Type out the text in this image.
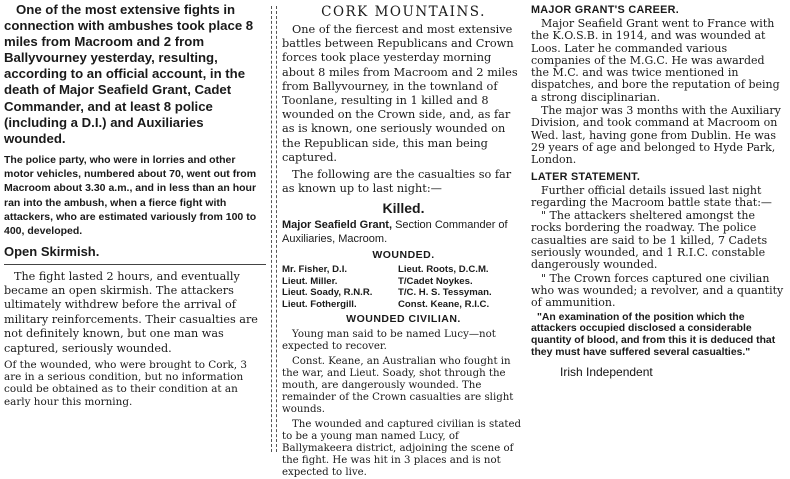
One of the most extensive fights in connection with ambushes took place 8 miles from Macroom and 2 from Ballyvourney yesterday, resulting, according to an official account, in the death of Major Seafield Grant, Cadet Commander, and at least 8 police (including a D.I.) and Auxiliaries wounded.

The police party, who were in lorries and other motor vehicles, numbered about 70, went out from Macroom about 3.30 a.m., and in less than an hour ran into the ambush, when a fierce fight with attackers, who are estimated variously from 100 to 400, developed.

Open Skirmish.

The fight lasted 2 hours, and eventually became an open skirmish. The attackers ultimately withdrew before the arrival of military reinforcements. Their casualties are not definitely known, but one man was captured, seriously wounded.

Of the wounded, who were brought to Cork, 3 are in a serious condition, but no information could be obtained as to their condition at an early hour this morning.

CORK MOUNTAINS.

One of the fiercest and most extensive battles between Republicans and Crown forces took place yesterday morning about 8 miles from Macroom and 2 miles from Ballyvourney, in the townland of Toonlane, resulting in 1 killed and 8 wounded on the Crown side, and, as far as is known, one seriously wounded on the Republican side, this man being captured.

The following are the casualties so far as known up to last night:—

Killed.

Major Seafield Grant, Section Commander of Auxiliaries, Macroom.

WOUNDED.

Mr. Fisher, D.I.	Lieut. Roots, D.C.M.
Lieut. Miller.	T/Cadet Noykes.
Lieut. Soady, R.N.R.	T/C. H. S. Tessyman.
Lieut. Fothergill.	Const. Keane, R.I.C.

WOUNDED CIVILIAN.

Young man said to be named Lucy—not expected to recover.

Const. Keane, an Australian who fought in the war, and Lieut. Soady, shot through the mouth, are dangerously wounded. The remainder of the Crown casualties are slight wounds.

The wounded and captured civilian is stated to be a young man named Lucy, of Ballymakeera district, adjoining the scene of the fight. He was hit in 3 places and is not expected to live.

MAJOR GRANT'S CAREER.

Major Seafield Grant went to France with the K.O.S.B. in 1914, and was wounded at Loos. Later he commanded various companies of the M.G.C. He was awarded the M.C. and was twice mentioned in dispatches, and bore the reputation of being a strong disciplinarian.

The major was 3 months with the Auxiliary Division, and took command at Macroom on Wed. last, having gone from Dublin. He was 29 years of age and belonged to Hyde Park, London.

LATER STATEMENT.

Further official details issued last night regarding the Macroom battle state that:—

" The attackers sheltered amongst the rocks bordering the roadway. The police casualties are said to be 1 killed, 7 Cadets seriously wounded, and 1 R.I.C. constable dangerously wounded.

" The Crown forces captured one civilian who was wounded; a revolver, and a quantity of ammunition.

"An examination of the position which the attackers occupied disclosed a considerable quantity of blood, and from this it is deduced that they must have suffered several casualties."

Irish Independent
